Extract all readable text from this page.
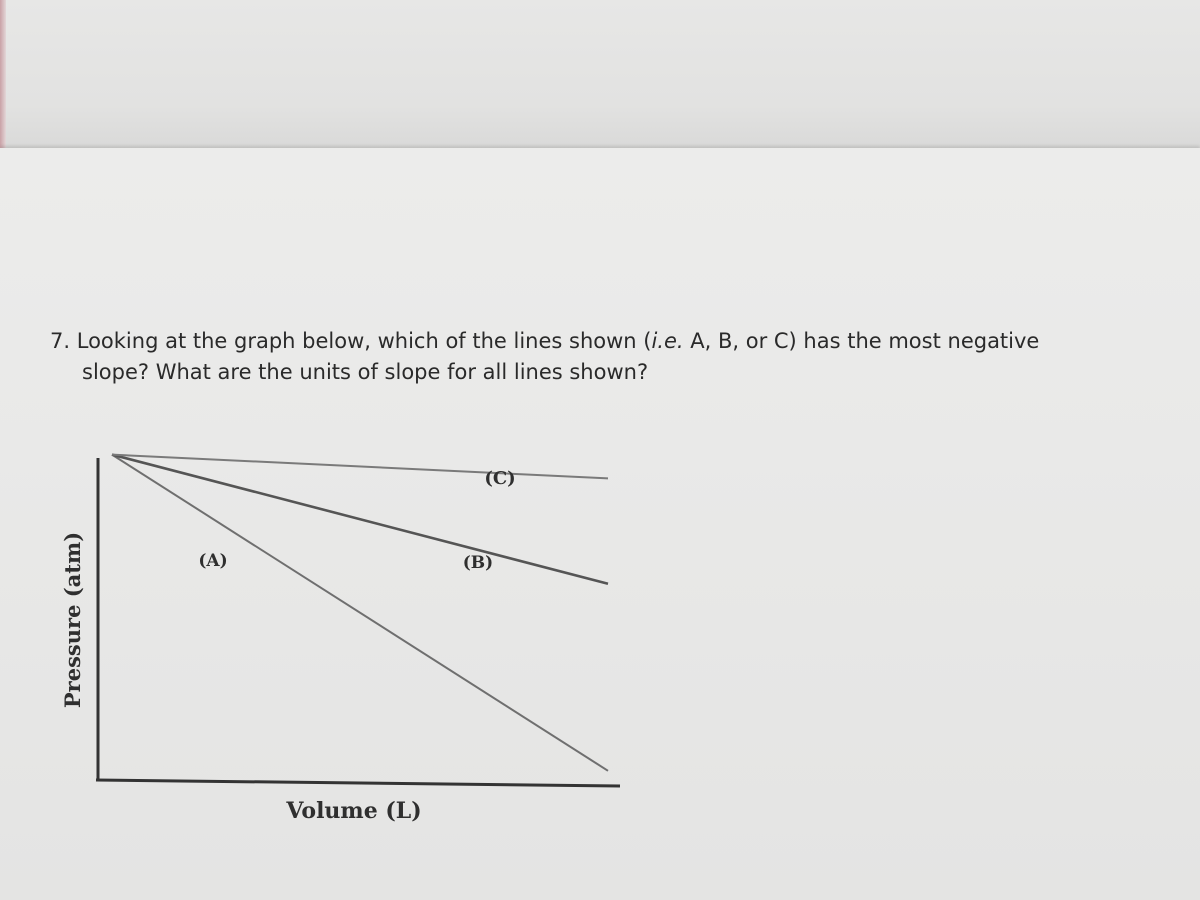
7. Looking at the graph below, which of the lines shown (i.e. A, B, or C) has the most negative
slope? What are the units of slope for all lines shown?
(C)
(A)	(B)
Volume (L)
Pressure (atm)
